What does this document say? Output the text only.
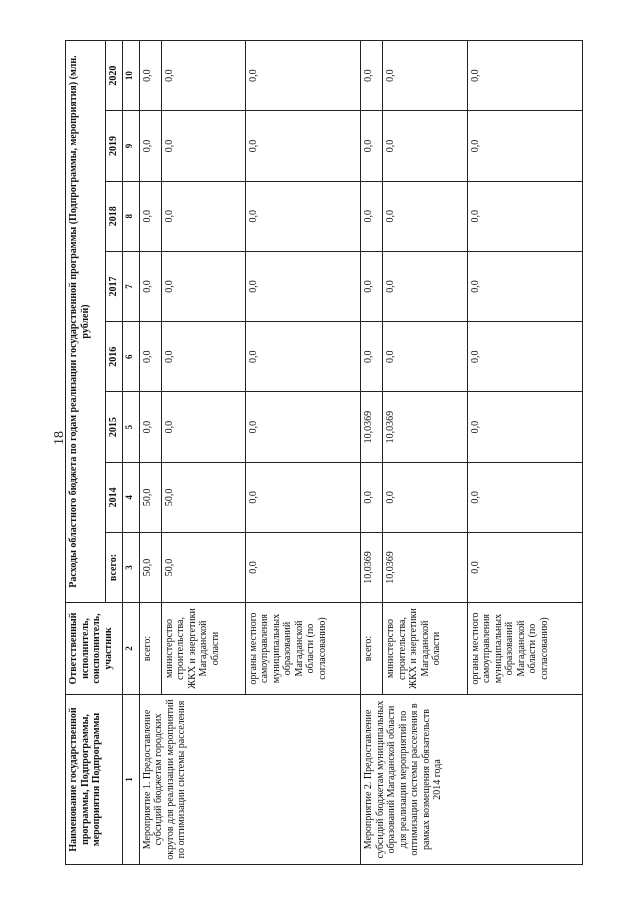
18
Наименование государственной программы, Подпрограммы, мероприятия Подпрограммы	Ответственный исполнитель, соисполнитель, участник	Расходы областного бюджета по годам реализации государственной программы (Подпрограммы, мероприятия) (млн. рублей)							
		всего:	2014	2015	2016	2017	2018	2019	2020
1	2	3	4	5	6	7	8	9	10
Мероприятие 1. Предоставление субсидий бюджетам городских округов для реализации мероприятий по оптимизации системы расселения	всего:	50,0	50,0	0,0	0,0	0,0	0,0	0,0	0,0
	министерство строительства, ЖКХ и энергетики Магаданской области	50,0	50,0	0,0	0,0	0,0	0,0	0,0	0,0
	органы местного самоуправления муниципальных образований Магаданской области (по согласованию)	0,0	0,0	0,0	0,0	0,0	0,0	0,0	0,0
Мероприятие 2. Предоставление субсидий бюджетам муниципальных образований Магаданской области для реализации мероприятий по оптимизации системы расселения в рамках возмещения обязательств 2014 года	всего:	10,0369	0,0	10,0369	0,0	0,0	0,0	0,0	0,0
	министерство строительства, ЖКХ и энергетики Магаданской области	10,0369	0,0	10,0369	0,0	0,0	0,0	0,0	0,0
	органы местного самоуправления муниципальных образований Магаданской области (по согласованию)	0,0	0,0	0,0	0,0	0,0	0,0	0,0	0,0
